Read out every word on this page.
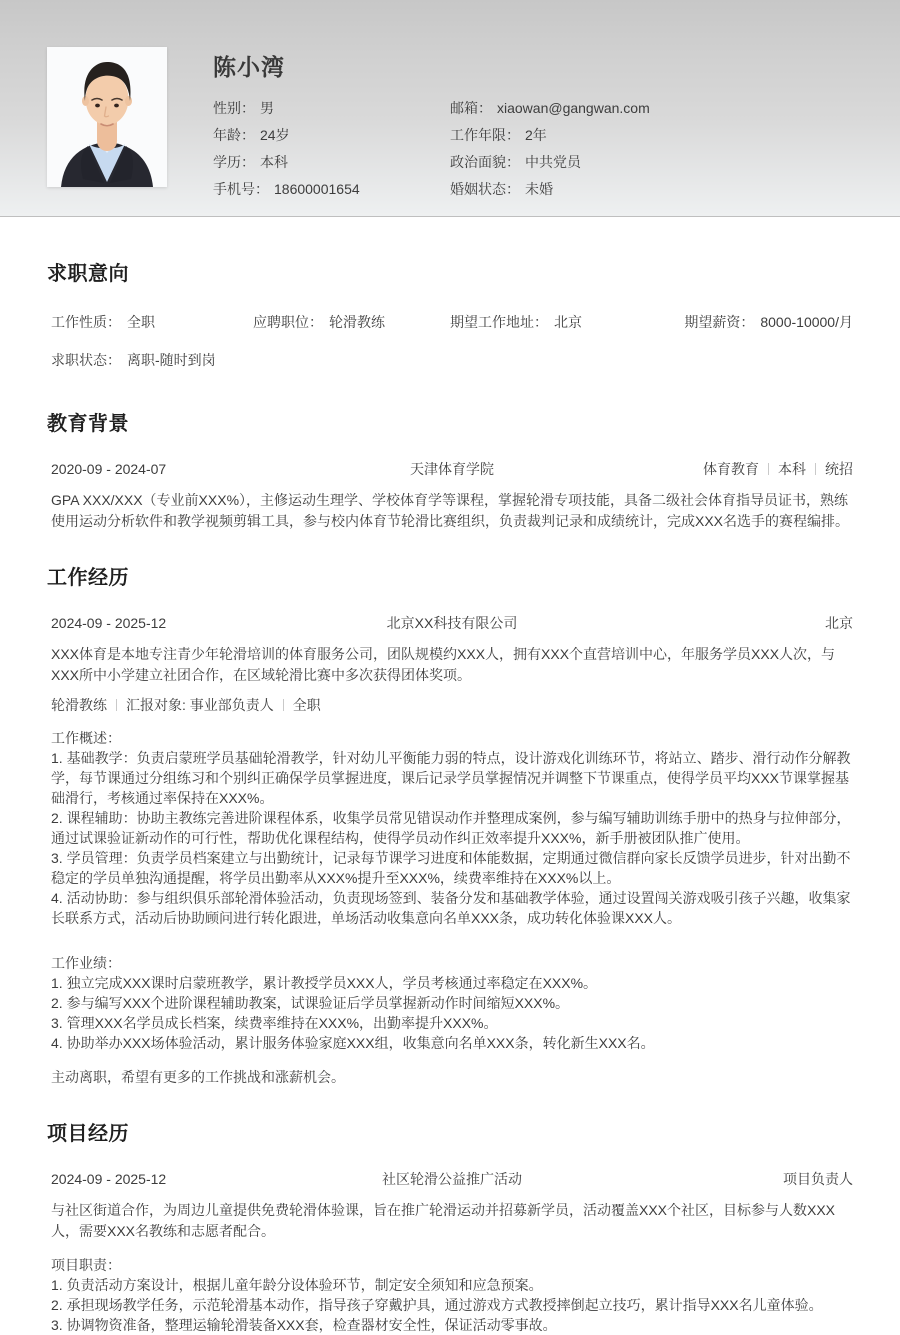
陈小湾
性别： 男	邮箱： xiaowan@gangwan.com
年龄： 24岁	工作年限： 2年
学历： 本科	政治面貌： 中共党员
手机号： 18600001654	婚姻状态： 未婚
求职意向
工作性质： 全职	应聘职位： 轮滑教练	期望工作地址： 北京	期望薪资： 8000-10000/月
求职状态： 离职-随时到岗
教育背景
2020-09 - 2024-07	天津体育学院	体育教育 本科 统招

GPA XXX/XXX（专业前XXX%），主修运动生理学、学校体育学等课程，掌握轮滑专项技能，具备二级社会体育指导员证书，熟练使用运动分析软件和教学视频剪辑工具，参与校内体育节轮滑比赛组织，负责裁判记录和成绩统计，完成XXX名选手的赛程编排。

工作经历
2024-09 - 2025-12	北京XX科技有限公司	北京

XXX体育是本地专注青少年轮滑培训的体育服务公司，团队规模约XXX人，拥有XXX个直营培训中心，年服务学员XXX人次，与XXX所中小学建立社团合作，在区域轮滑比赛中多次获得团体奖项。

轮滑教练 汇报对象: 事业部负责人 全职
工作概述：
1. 基础教学：负责启蒙班学员基础轮滑教学，针对幼儿平衡能力弱的特点，设计游戏化训练环节，将站立、踏步、滑行动作分解教学，每节课通过分组练习和个别纠正确保学员掌握进度，课后记录学员掌握情况并调整下节课重点，使得学员平均XXX节课掌握基础滑行，考核通过率保持在XXX%。
2. 课程辅助：协助主教练完善进阶课程体系，收集学员常见错误动作并整理成案例，参与编写辅助训练手册中的热身与拉伸部分，通过试课验证新动作的可行性，帮助优化课程结构，使得学员动作纠正效率提升XXX%，新手册被团队推广使用。
3. 学员管理：负责学员档案建立与出勤统计，记录每节课学习进度和体能数据，定期通过微信群向家长反馈学员进步，针对出勤不稳定的学员单独沟通提醒，将学员出勤率从XXX%提升至XXX%，续费率维持在XXX%以上。
4. 活动协助：参与组织俱乐部轮滑体验活动，负责现场签到、装备分发和基础教学体验，通过设置闯关游戏吸引孩子兴趣，收集家长联系方式，活动后协助顾问进行转化跟进，单场活动收集意向名单XXX条，成功转化体验课XXX人。
工作业绩：
1. 独立完成XXX课时启蒙班教学，累计教授学员XXX人，学员考核通过率稳定在XXX%。
2. 参与编写XXX个进阶课程辅助教案，试课验证后学员掌握新动作时间缩短XXX%。
3. 管理XXX名学员成长档案，续费率维持在XXX%，出勤率提升XXX%。
4. 协助举办XXX场体验活动，累计服务体验家庭XXX组，收集意向名单XXX条，转化新生XXX名。
主动离职，希望有更多的工作挑战和涨薪机会。
项目经历
2024-09 - 2025-12	社区轮滑公益推广活动	项目负责人

与社区街道合作，为周边儿童提供免费轮滑体验课，旨在推广轮滑运动并招募新学员，活动覆盖XXX个社区，目标参与人数XXX人，需要XXX名教练和志愿者配合。

项目职责：
1. 负责活动方案设计，根据儿童年龄分设体验环节，制定安全须知和应急预案。
2. 承担现场教学任务，示范轮滑基本动作，指导孩子穿戴护具，通过游戏方式教授摔倒起立技巧，累计指导XXX名儿童体验。
3. 协调物资准备，整理运输轮滑装备XXX套，检查器材安全性，保证活动零事故。
